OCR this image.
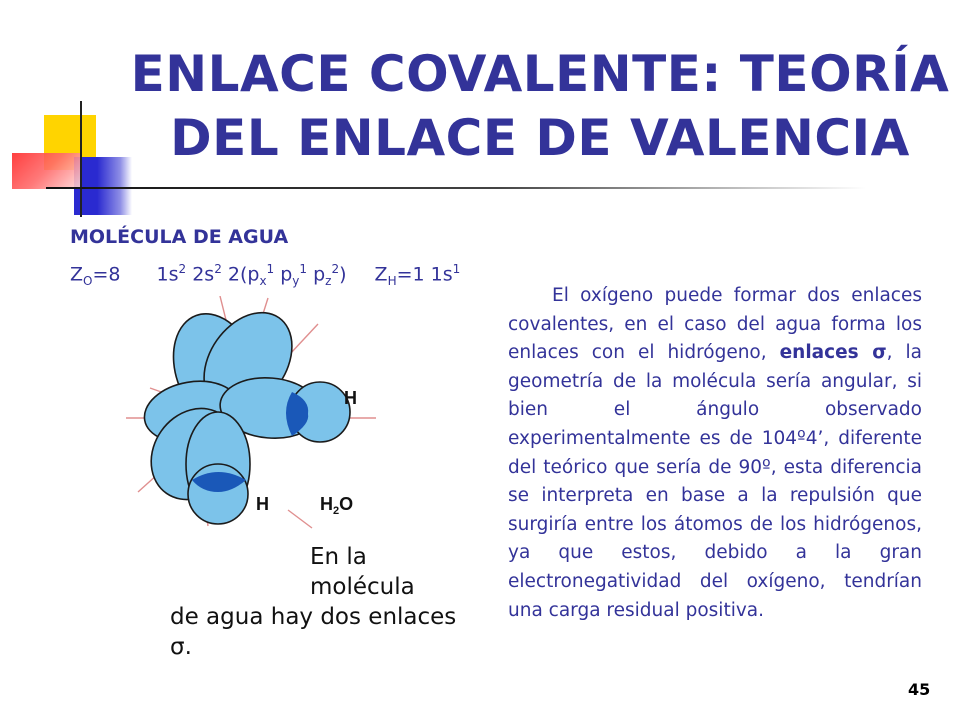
ENLACE COVALENTE: TEORÍA DEL ENLACE DE VALENCIA
MOLÉCULA DE AGUA
$Z_O=8$ $1s^2$ $2s^2$ $2(p_x^1$ $p_y^1$ $p_z^2$) $Z_H=1$ $1s^1$
H
H	$H_2O$
En la molécula
de agua hay dos enlaces σ.
El oxígeno puede formar dos enlaces covalentes, en el caso del agua forma los enlaces con el hidrógeno, enlaces σ, la geometría de la molécula sería angular, si bien el ángulo observado experimentalmente es de 104º4’, diferente del teórico que sería de 90º, esta diferencia se interpreta en base a la repulsión que surgiría entre los átomos de los hidrógenos, ya que estos, debido a la gran electronegatividad del oxígeno, tendrían una carga residual positiva.
45
